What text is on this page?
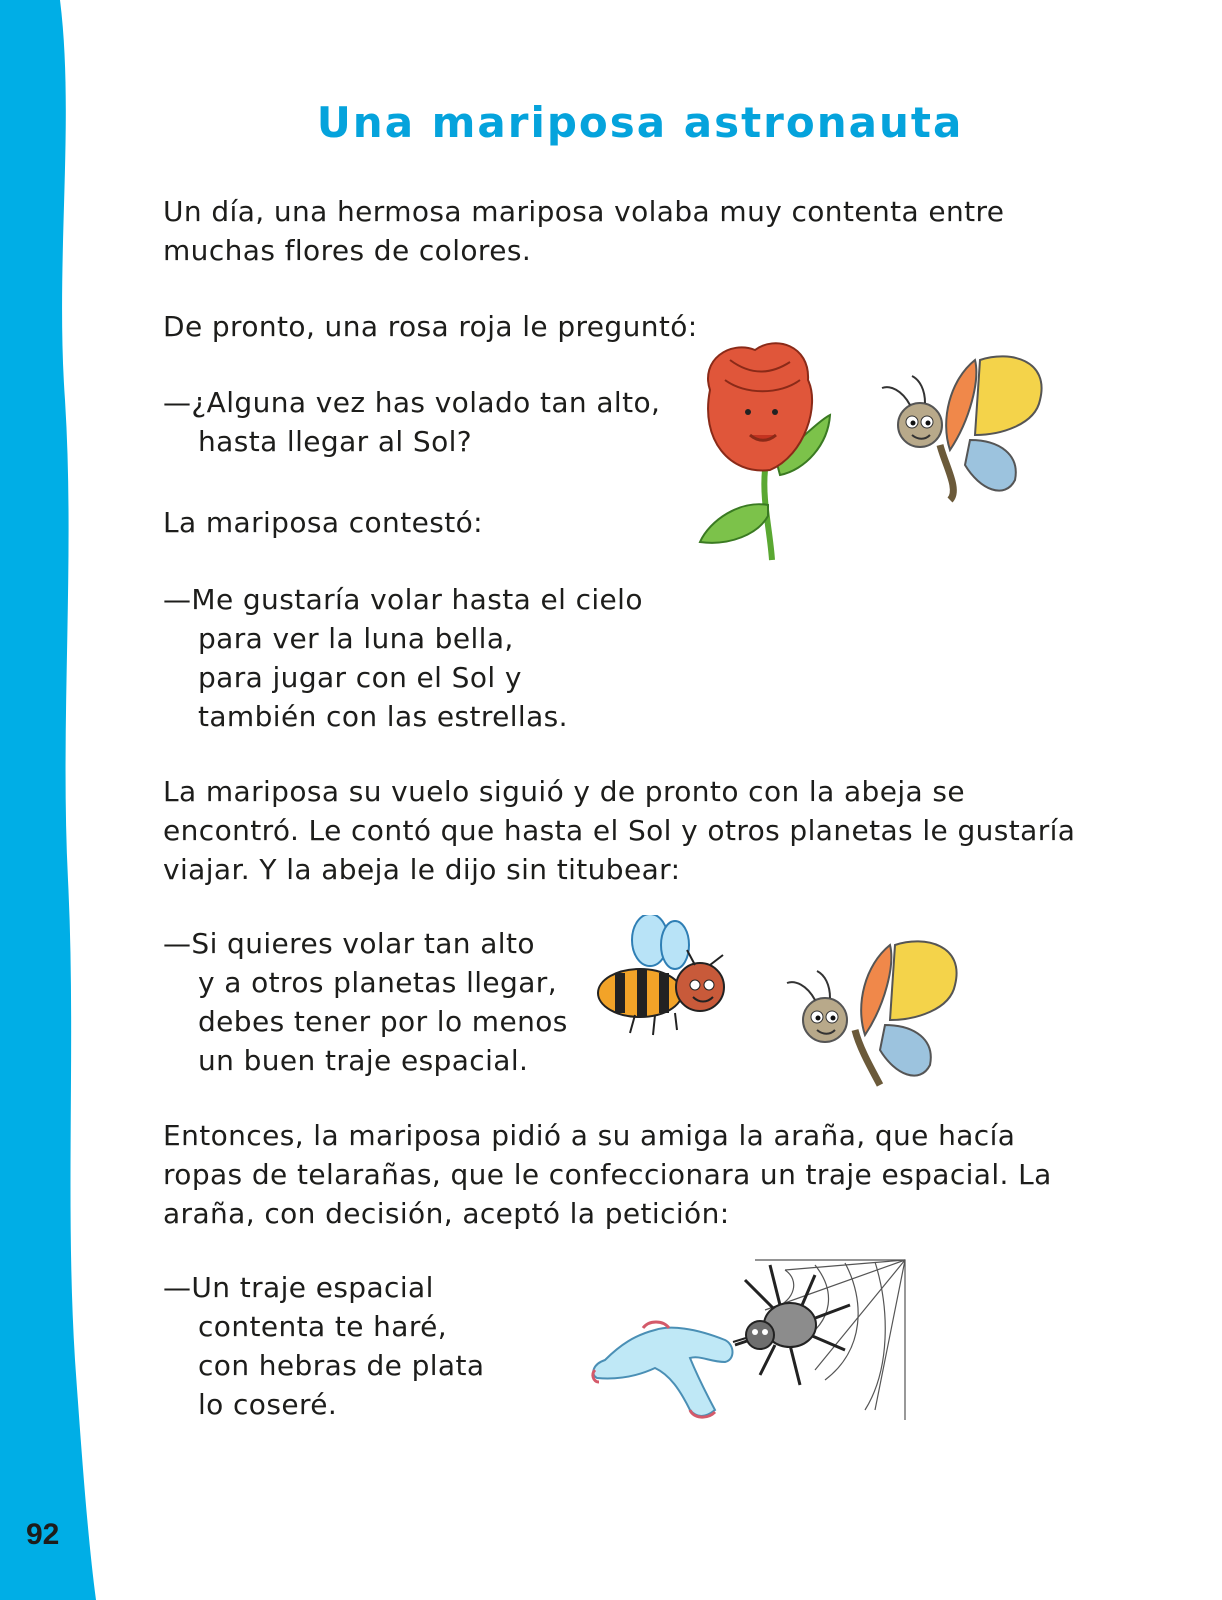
92
Una mariposa astronauta

Un día, una hermosa mariposa volaba muy contenta entre muchas flores de colores.

De pronto, una rosa roja le preguntó:

—¿Alguna vez has volado tan alto,
hasta llegar al Sol?

La mariposa contestó:

—Me gustaría volar hasta el cielo
para ver la luna bella,
para jugar con el Sol y
también con las estrellas.

La mariposa su vuelo siguió y de pronto con la abeja se encontró. Le contó que hasta el Sol y otros planetas le gustaría viajar. Y la abeja le dijo sin titubear:

—Si quieres volar tan alto
y a otros planetas llegar,
debes tener por lo menos
un buen traje espacial.

Entonces, la mariposa pidió a su amiga la araña, que hacía ropas de telarañas, que le confeccionara un traje espacial. La araña, con decisión, aceptó la petición:

—Un traje espacial
contenta te haré,
con hebras de plata
lo coseré.
